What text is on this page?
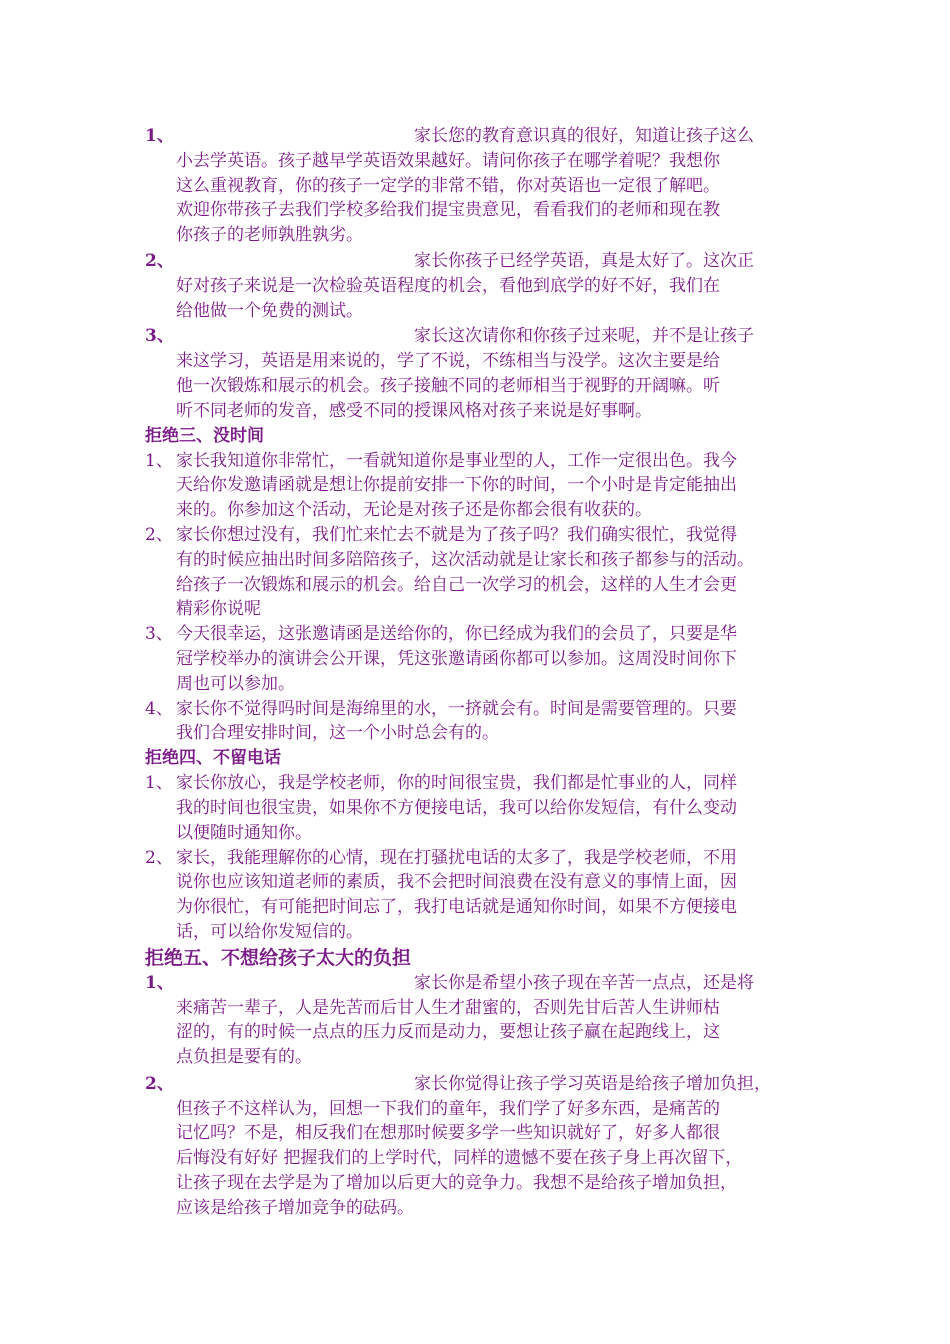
1、	家长您的教育意识真的很好，知道让孩子这么
小去学英语。孩子越早学英语效果越好。请问你孩子在哪学着呢？我想你
这么重视教育，你的孩子一定学的非常不错，你对英语也一定很了解吧。
欢迎你带孩子去我们学校多给我们提宝贵意见，看看我们的老师和现在教
你孩子的老师孰胜孰劣。
2、	家长你孩子已经学英语，真是太好了。这次正
好对孩子来说是一次检验英语程度的机会，看他到底学的好不好，我们在
给他做一个免费的测试。
3、	家长这次请你和你孩子过来呢，并不是让孩子
来这学习，英语是用来说的，学了不说，不练相当与没学。这次主要是给
他一次锻炼和展示的机会。孩子接触不同的老师相当于视野的开阔嘛。听
听不同老师的发音，感受不同的授课风格对孩子来说是好事啊。
拒绝三、没时间
1、 家长我知道你非常忙，一看就知道你是事业型的人，工作一定很出色。我今
天给你发邀请函就是想让你提前安排一下你的时间，一个小时是肯定能抽出
来的。你参加这个活动，无论是对孩子还是你都会很有收获的。
2、 家长你想过没有，我们忙来忙去不就是为了孩子吗？我们确实很忙，我觉得
有的时候应抽出时间多陪陪孩子，这次活动就是让家长和孩子都参与的活动。
给孩子一次锻炼和展示的机会。给自己一次学习的机会，这样的人生才会更
精彩你说呢
3、 今天很幸运，这张邀请函是送给你的，你已经成为我们的会员了，只要是华
冠学校举办的演讲会公开课，凭这张邀请函你都可以参加。这周没时间你下
周也可以参加。
4、 家长你不觉得吗时间是海绵里的水，一挤就会有。时间是需要管理的。只要
我们合理安排时间，这一个小时总会有的。
拒绝四、不留电话
1、 家长你放心，我是学校老师，你的时间很宝贵，我们都是忙事业的人，同样
我的时间也很宝贵，如果你不方便接电话，我可以给你发短信，有什么变动
以便随时通知你。
2、 家长，我能理解你的心情，现在打骚扰电话的太多了，我是学校老师，不用
说你也应该知道老师的素质，我不会把时间浪费在没有意义的事情上面，因
为你很忙，有可能把时间忘了，我打电话就是通知你时间，如果不方便接电
话，可以给你发短信的。
拒绝五、不想给孩子太大的负担
1、	家长你是希望小孩子现在辛苦一点点，还是将
来痛苦一辈子，人是先苦而后甘人生才甜蜜的，否则先甘后苦人生讲师枯
涩的，有的时候一点点的压力反而是动力，要想让孩子赢在起跑线上，这
点负担是要有的。
2、	家长你觉得让孩子学习英语是给孩子增加负担，
但孩子不这样认为，回想一下我们的童年，我们学了好多东西，是痛苦的
记忆吗？不是，相反我们在想那时候要多学一些知识就好了，好多人都很
后悔没有好好 把握我们的上学时代，同样的遗憾不要在孩子身上再次留下，
让孩子现在去学是为了增加以后更大的竞争力。我想不是给孩子增加负担，
应该是给孩子增加竞争的砝码。
